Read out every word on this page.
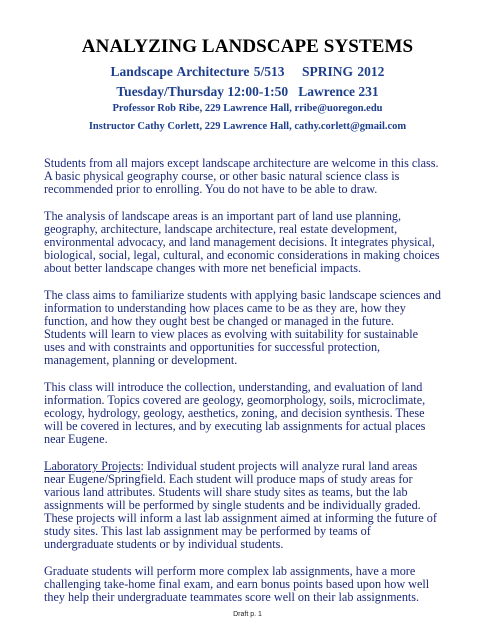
ANALYZING LANDSCAPE SYSTEMS
Landscape Architecture 5/513    SPRING 2012
Tuesday/Thursday 12:00-1:50   Lawrence 231
Professor Rob Ribe, 229 Lawrence Hall, rribe@uoregon.edu
Instructor Cathy Corlett, 229 Lawrence Hall, cathy.corlett@gmail.com

Students from all majors except landscape architecture are welcome in this class.
A basic physical geography course, or other basic natural science class is
recommended prior to enrolling. You do not have to be able to draw.

The analysis of landscape areas is an important part of land use planning,
geography, architecture, landscape architecture, real estate development,
environmental advocacy, and land management decisions. It integrates physical,
biological, social, legal, cultural, and economic considerations in making choices
about better landscape changes with more net beneficial impacts.

The class aims to familiarize students with applying basic landscape sciences and
information to understanding how places came to be as they are, how they
function, and how they ought best be changed or managed in the future.
Students will learn to view places as evolving with suitability for sustainable
uses and with constraints and opportunities for successful protection,
management, planning or development.

This class will introduce the collection, understanding, and evaluation of land
information. Topics covered are geology, geomorphology, soils, microclimate,
ecology, hydrology, geology, aesthetics, zoning, and decision synthesis. These
will be covered in lectures, and by executing lab assignments for actual places
near Eugene.

Laboratory Projects: Individual student projects will analyze rural land areas
near Eugene/Springfield. Each student will produce maps of study areas for
various land attributes. Students will share study sites as teams, but the lab
assignments will be performed by single students and be individually graded.
These projects will inform a last lab assignment aimed at informing the future of
study sites. This last lab assignment may be performed by teams of
undergraduate students or by individual students.

Graduate students will perform more complex lab assignments, have a more
challenging take-home final exam, and earn bonus points based upon how well
they help their undergraduate teammates score well on their lab assignments.

Draft p. 1
